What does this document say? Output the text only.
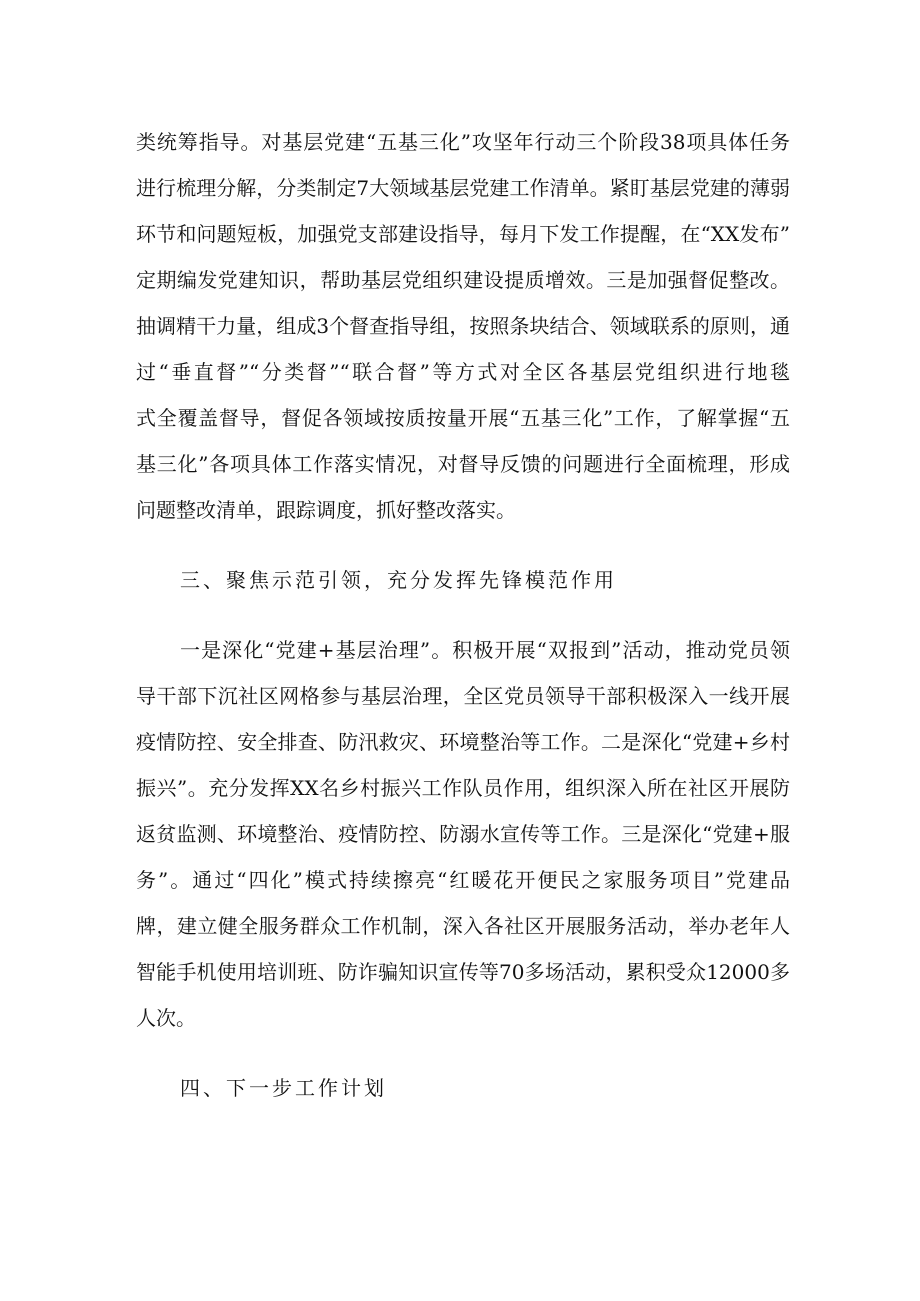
类统筹指导。对基层党建“五基三化”攻坚年行动三个阶段38项具体任务
进行梳理分解，分类制定7大领域基层党建工作清单。紧盯基层党建的薄弱
环节和问题短板，加强党支部建设指导，每月下发工作提醒，在“XX发布”
定期编发党建知识，帮助基层党组织建设提质增效。三是加强督促整改。
抽调精干力量，组成3个督查指导组，按照条块结合、领域联系的原则，通
过“垂直督”“分类督”“联合督”等方式对全区各基层党组织进行地毯
式全覆盖督导，督促各领域按质按量开展“五基三化”工作，了解掌握“五
基三化”各项具体工作落实情况，对督导反馈的问题进行全面梳理，形成
问题整改清单，跟踪调度，抓好整改落实。
三、聚焦示范引领，充分发挥先锋模范作用
一是深化“党建+基层治理”。积极开展“双报到”活动，推动党员领
导干部下沉社区网格参与基层治理，全区党员领导干部积极深入一线开展
疫情防控、安全排查、防汛救灾、环境整治等工作。二是深化“党建+乡村
振兴”。充分发挥XX名乡村振兴工作队员作用，组织深入所在社区开展防
返贫监测、环境整治、疫情防控、防溺水宣传等工作。三是深化“党建+服
务”。通过“四化”模式持续擦亮“红暖花开便民之家服务项目”党建品
牌，建立健全服务群众工作机制，深入各社区开展服务活动，举办老年人
智能手机使用培训班、防诈骗知识宣传等70多场活动，累积受众12000多
人次。
四、下一步工作计划
